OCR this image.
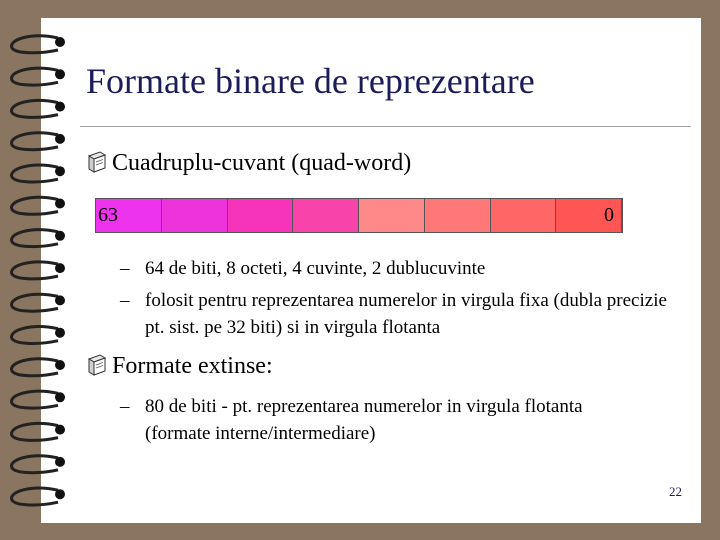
Formate binare de reprezentare
Cuadruplu-cuvant (quad-word)
63	0
– 64 de biti, 8 octeti, 4 cuvinte, 2 dublucuvinte
– folosit pentru reprezentarea numerelor in virgula fixa (dubla precizie pt. sist. pe 32 biti) si in virgula flotanta
Formate extinse:
– 80 de biti - pt. reprezentarea numerelor in virgula flotanta (formate interne/intermediare)
22
